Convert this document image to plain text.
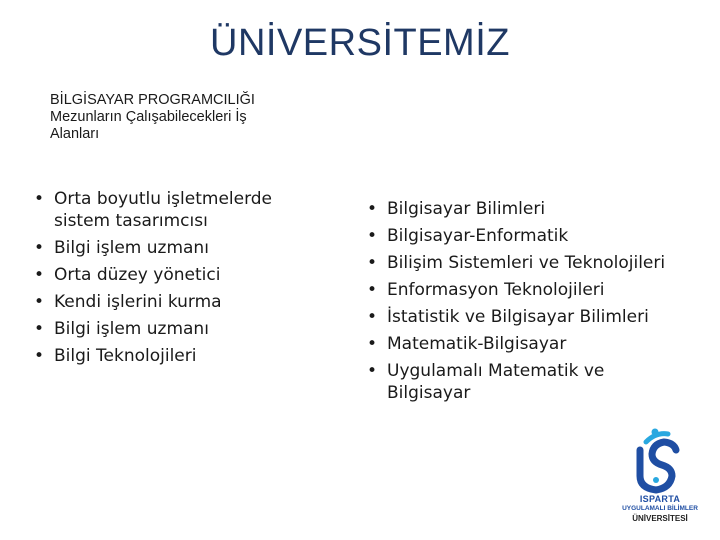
ÜNİVERSİTEMİZ
BİLGİSAYAR PROGRAMCILIĞI
Mezunların Çalışabilecekleri İş
Alanları
• Orta boyutlu işletmelerde sistem tasarımcısı
• Bilgi işlem uzmanı
• Orta düzey yönetici
• Kendi işlerini kurma
• Bilgi işlem uzmanı
• Bilgi Teknolojileri
• Bilgisayar Bilimleri
• Bilgisayar-Enformatik
• Bilişim Sistemleri ve Teknolojileri
• Enformasyon Teknolojileri
• İstatistik ve Bilgisayar Bilimleri
• Matematik-Bilgisayar
• Uygulamalı Matematik ve Bilgisayar
ISPARTA
UYGULAMALI BİLİMLER
ÜNİVERSİTESİ
